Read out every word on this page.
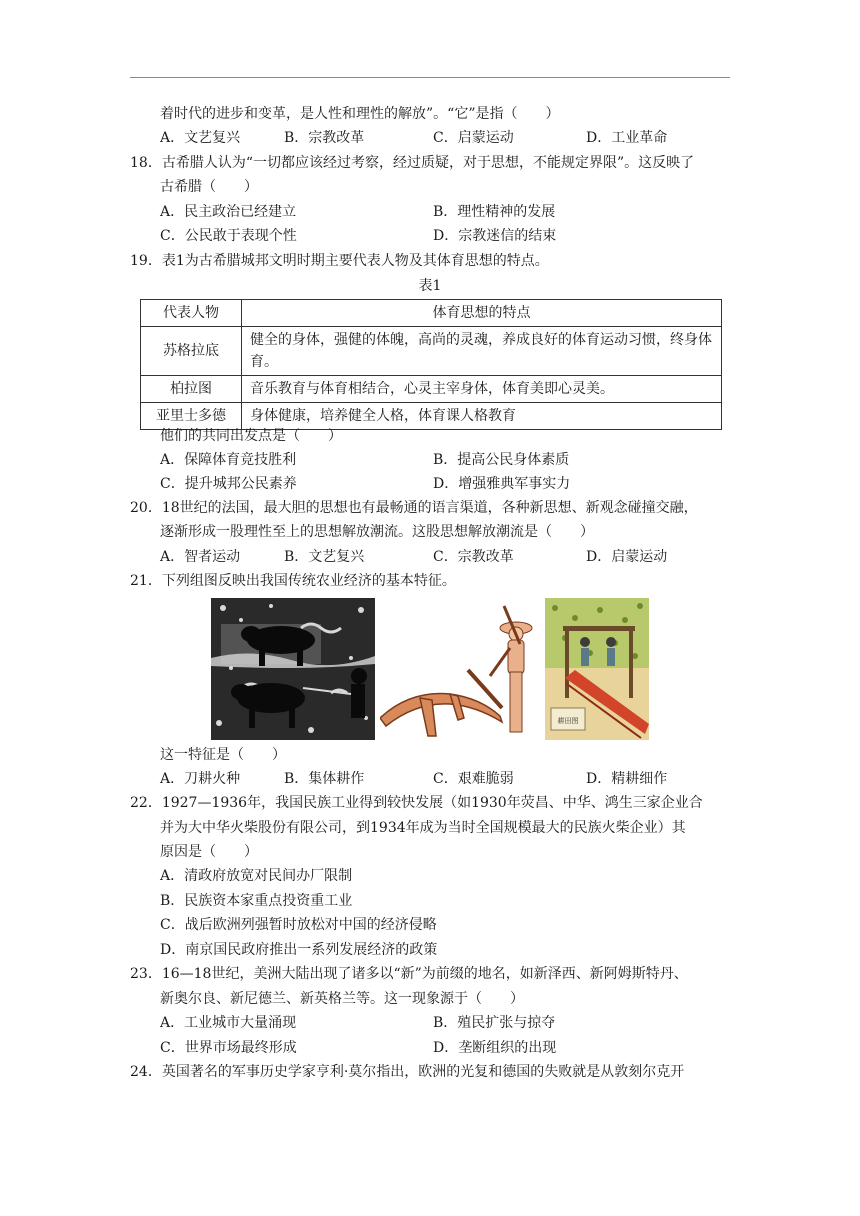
着时代的进步和变革，是人性和理性的解放”。“它”是指（　　）
A．文艺复兴	B．宗教改革	C．启蒙运动	D．工业革命
18．古希腊人认为“一切都应该经过考察，经过质疑，对于思想，不能规定界限”。这反映了
古希腊（　　）
A．民主政治已经建立	B．理性精神的发展
C．公民敢于表现个性	D．宗教迷信的结束
19．表1为古希腊城邦文明时期主要代表人物及其体育思想的特点。
表1
代表人物	体育思想的特点
苏格拉底	健全的身体，强健的体魄，高尚的灵魂，养成良好的体育运动习惯，终身体育。
柏拉图	音乐教育与体育相结合，心灵主宰身体，体育美即心灵美。
亚里士多德	身体健康，培养健全人格，体育课人格教育
他们的共同出发点是（　　）
A．保障体育竞技胜利	B．提高公民身体素质
C．提升城邦公民素养	D．增强雅典军事实力
20．18世纪的法国，最大胆的思想也有最畅通的语言渠道，各种新思想、新观念碰撞交融，
逐渐形成一股理性至上的思想解放潮流。这股思想解放潮流是（　　）
A．智者运动	B．文艺复兴	C．宗教改革	D．启蒙运动
21．下列组图反映出我国传统农业经济的基本特征。
耕田图
这一特征是（　　）
A．刀耕火种	B．集体耕作	C．艰难脆弱	D．精耕细作
22．1927—1936年，我国民族工业得到较快发展（如1930年荧昌、中华、鸿生三家企业合
并为大中华火柴股份有限公司，到1934年成为当时全国规模最大的民族火柴企业）其
原因是（　　）
A．清政府放宽对民间办厂限制
B．民族资本家重点投资重工业
C．战后欧洲列强暂时放松对中国的经济侵略
D．南京国民政府推出一系列发展经济的政策
23．16—18世纪，美洲大陆出现了诸多以“新”为前缀的地名，如新泽西、新阿姆斯特丹、
新奥尔良、新尼德兰、新英格兰等。这一现象源于（　　）
A．工业城市大量涌现	B．殖民扩张与掠夺
C．世界市场最终形成	D．垄断组织的出现
24．英国著名的军事历史学家亨利·莫尔指出，欧洲的光复和德国的失败就是从敦刻尔克开
